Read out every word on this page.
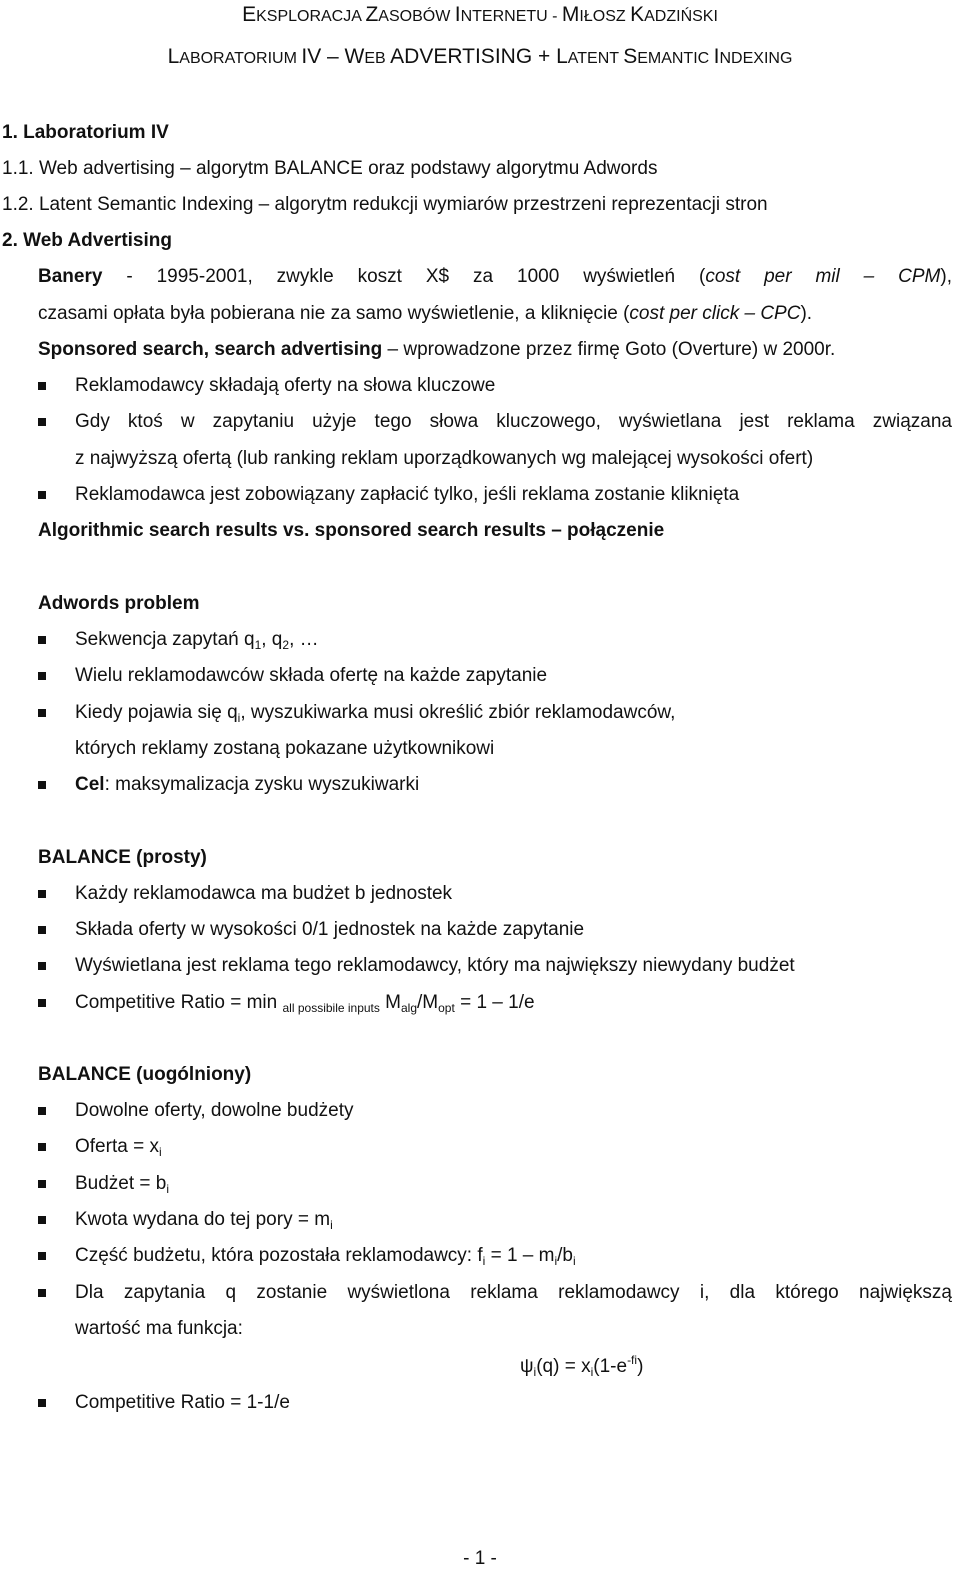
EKSPLORACJA ZASOBÓW INTERNETU - MIŁOSZ KADZIŃSKI
LABORATORIUM IV – WEB ADVERTISING + LATENT SEMANTIC INDEXING
1. Laboratorium IV
1.1. Web advertising – algorytm BALANCE oraz podstawy algorytmu Adwords
1.2. Latent Semantic Indexing – algorytm redukcji wymiarów przestrzeni reprezentacji stron
2. Web Advertising
Banery - 1995-2001, zwykle koszt X$ za 1000 wyświetleń (cost per mil – CPM),
czasami opłata była pobierana nie za samo wyświetlenie, a kliknięcie (cost per click – CPC).
Sponsored search, search advertising – wprowadzone przez firmę Goto (Overture) w 2000r.
Reklamodawcy składają oferty na słowa kluczowe
Gdy ktoś w zapytaniu użyje tego słowa kluczowego, wyświetlana jest reklama związana
z najwyższą ofertą (lub ranking reklam uporządkowanych wg malejącej wysokości ofert)
Reklamodawca jest zobowiązany zapłacić tylko, jeśli reklama zostanie kliknięta
Algorithmic search results vs. sponsored search results – połączenie
Adwords problem
Sekwencja zapytań $q_1$, $q_2$, …
Wielu reklamodawców składa ofertę na każde zapytanie
Kiedy pojawia się $q_i$, wyszukiwarka musi określić zbiór reklamodawców,
których reklamy zostaną pokazane użytkownikowi
Cel: maksymalizacja zysku wyszukiwarki
BALANCE (prosty)
Każdy reklamodawca ma budżet b jednostek
Składa oferty w wysokości 0/1 jednostek na każde zapytanie
Wyświetlana jest reklama tego reklamodawcy, który ma największy niewydany budżet
Competitive Ratio = min $_{all possibile inputs}$ $M_{alg}/M_{opt} = 1 - 1/e$
BALANCE (uogólniony)
Dowolne oferty, dowolne budżety
Oferta = $x_i$
Budżet = $b_i$
Kwota wydana do tej pory = $m_i$
Część budżetu, która pozostała reklamodawcy: $f_i = 1 - m_i/b_i$
Dla zapytania q zostanie wyświetlona reklama reklamodawcy i, dla którego największą
wartość ma funkcja:
$\psi_i(q) = x_i(1-e^{-fi})$
Competitive Ratio = 1-1/e
- 1 -
